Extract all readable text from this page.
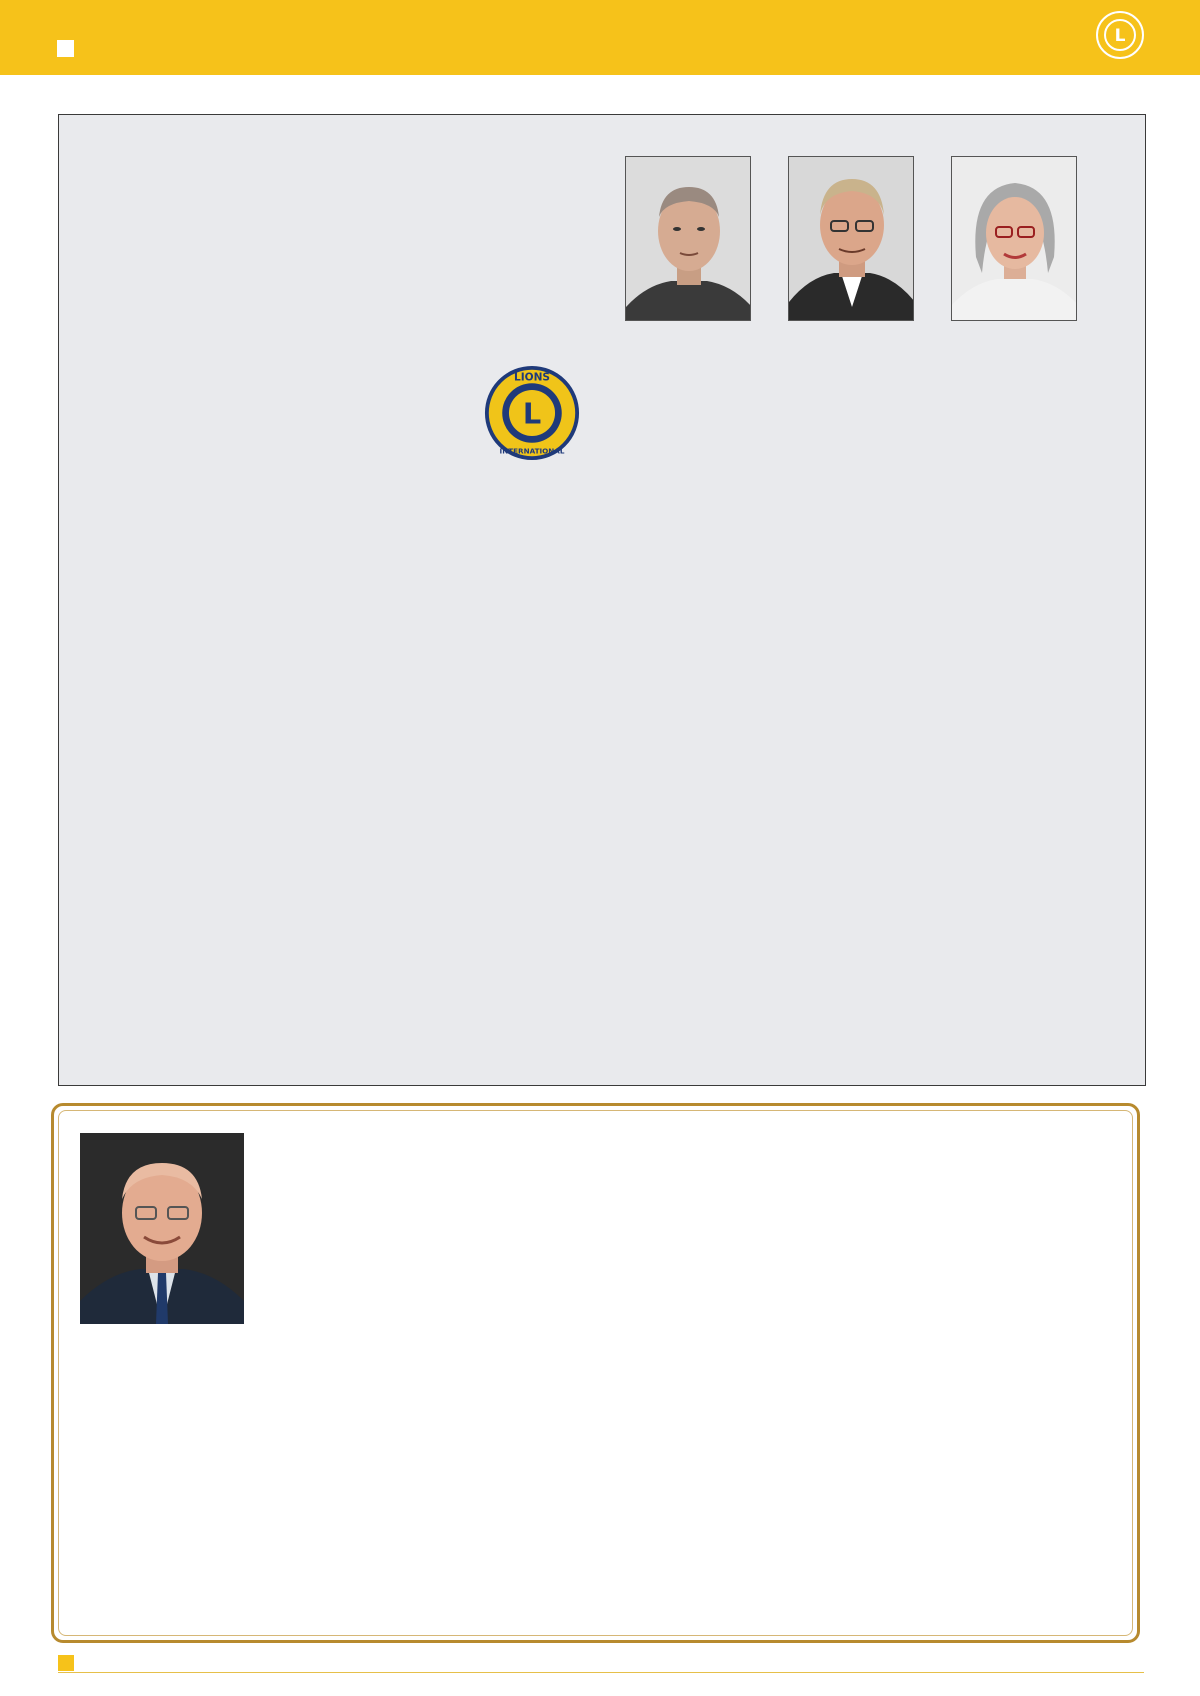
L
L
LIONS
INTERNATIONAL
